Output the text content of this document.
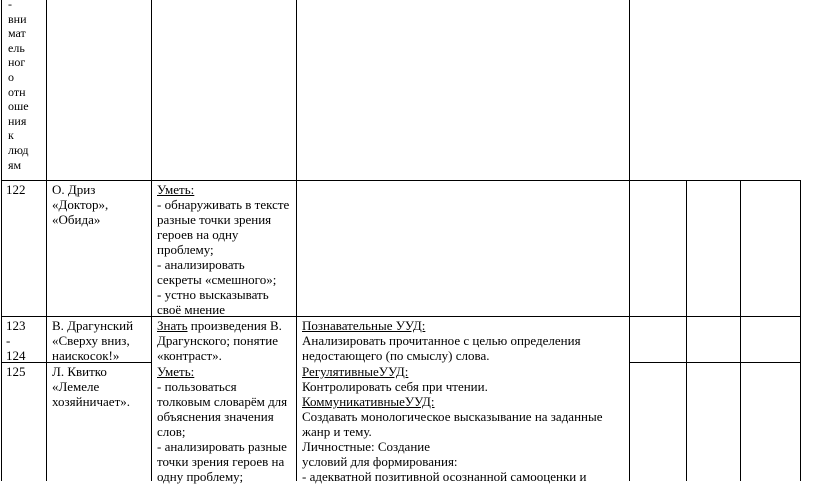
-
вни
мат
ель
ног
о
отн
оше
ния
к
люд
ям
122 О. Дриз
«Доктор»,
«Обида»
Уметь:
- обнаруживать в тексте
разные точки зрения
героев на одну
проблему;
- анализировать
секреты «смешного»;
- устно высказывать
своё мнение
123
-
124
В. Драгунский
«Сверху вниз,
наискосок!»
Знать произведения В.
Драгунского; понятие
«контраст».
Познавательные УУД:
Анализировать прочитанное с целью определения
недостающего (по смыслу) слова.
125 Л. Квитко
«Лемеле
хозяйничает».
Уметь:
- пользоваться
толковым словарём для
объяснения значения
слов;
- анализировать разные
точки зрения героев на
одну проблему;
РегулятивныеУУД:
Контролировать себя при чтении.
КоммуникативныеУУД:
Создавать монологическое высказывание на заданные
жанр и тему.
Личностные: Создание
условий для формирования:
- адекватной позитивной осознанной самооценки и
